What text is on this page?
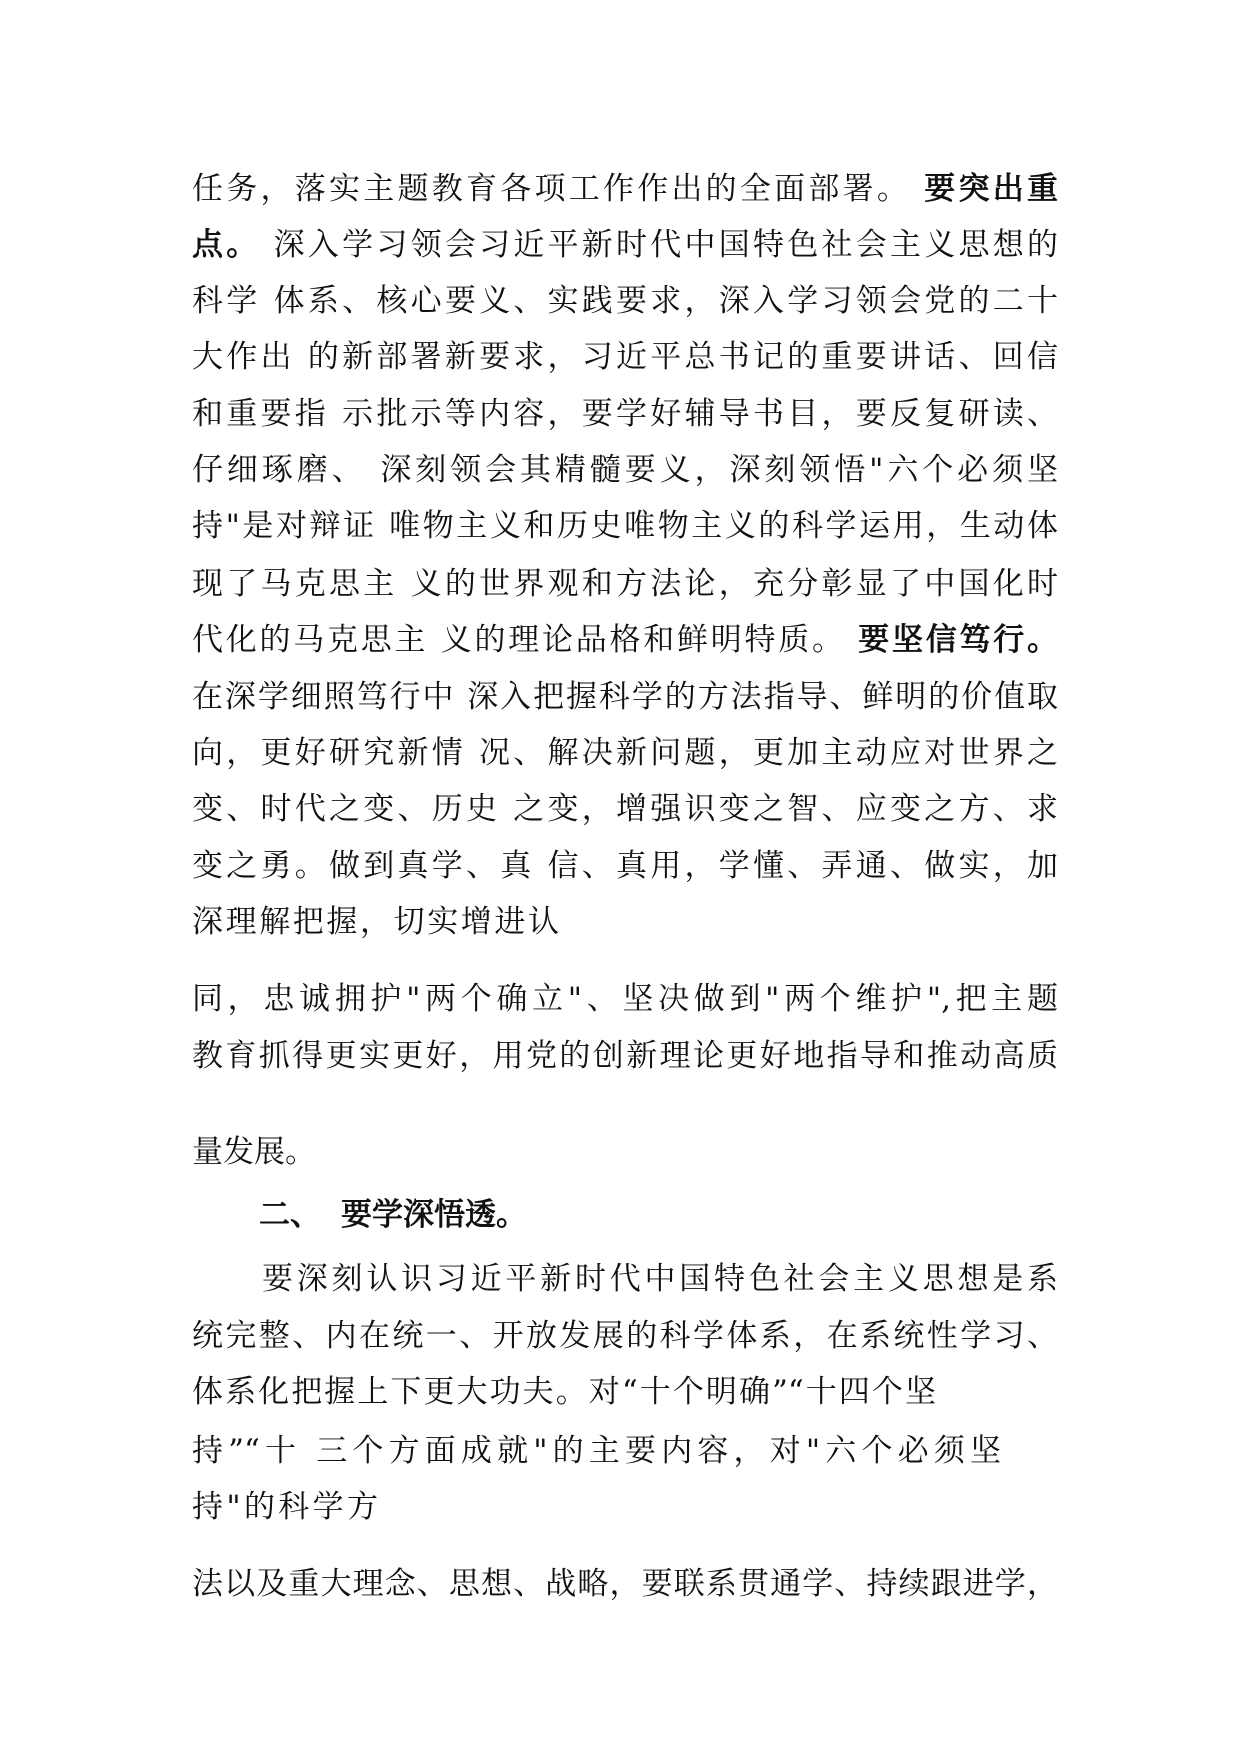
任务，落实主题教育各项工作作出的全面部署。 要突出重

点。 深入学习领会习近平新时代中国特色社会主义思想的

科学 体系、核心要义、实践要求，深入学习领会党的二十

大作出 的新部署新要求，习近平总书记的重要讲话、回信

和重要指 示批示等内容，要学好辅导书目，要反复研读、

仔细琢磨、 深刻领会其精髓要义，深刻领悟"六个必须坚

持"是对辩证 唯物主义和历史唯物主义的科学运用，生动体

现了马克思主 义的世界观和方法论，充分彰显了中国化时

代化的马克思主 义的理论品格和鲜明特质。 要坚信笃行。

在深学细照笃行中 深入把握科学的方法指导、鲜明的价值取

向，更好研究新情 况、解决新问题，更加主动应对世界之

变、时代之变、历史 之变，增强识变之智、应变之方、求

变之勇。做到真学、真 信、真用，学懂、弄通、做实，加

深理解把握，切实增进认

同，忠诚拥护"两个确立"、坚决做到"两个维护",把主题

教育抓得更实更好，用党的创新理论更好地指导和推动高质

量发展。

二、 要学深悟透。

要深刻认识习近平新时代中国特色社会主义思想是系

统完整、内在统一、开放发展的科学体系，在系统性学习、

体系化把握上下更大功夫。对“十个明确”“十四个坚

持”“十 三个方面成就"的主要内容，对"六个必须坚

持"的科学方

法以及重大理念、思想、战略，要联系贯通学、持续跟进学，
